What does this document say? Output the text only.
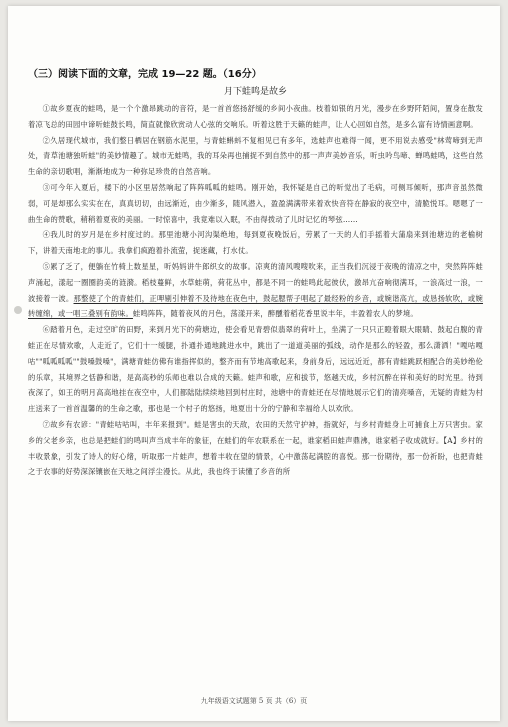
（三）阅读下面的文章，完成 19—22 题。（16分）
月下蛙鸣是故乡

①故乡夏夜的蛙鸣，是一个个激昂跳动的音符，是一首首悠扬舒缓的乡间小夜曲。枝着如银的月光，漫步在乡野阡陌间，置身在散发着凉飞总的田园中谛听蛙鼓长鸣，简直就像欣赏动人心弦的交响乐。听着这胜于天籁的蛙声，让人心回如自然，是多么富有诗情画意啊。

②久居现代城市，我们整日栖居在钢筋水泥里，与青蛙蝌蚪不复相见已有多年，选蛙声也难得一闻，更不用说去感受"林莺啼到无声处，青草池塘独听蛙"的美妙情趣了。城市无蛙鸣，我的耳朵再也捕捉不到自然中的那一声声美妙音乐，听虫吟鸟啼、蝉鸣蛙鸣，这些自然生命的亲切歌唱，渐渐地成为一种弥足珍贵的自然音响。

③可今年入夏后，楼下的小区里居然响起了阵阵呱呱的蛙鸣。刚开始，我怀疑是自己的听觉出了毛病，可侧耳倾听，那声音虽然微弱，可是却那么实实在在，真真切切，由远渐近，由少渐多，随风潜入，盈盈满满带来着欢快音符在静寂的夜空中，清脆悦耳。嗯嗯了一曲生命的赞歌，稍稍着夏夜的美丽。一时惊喜中，我竟难以入眠，不由得拨动了儿时记忆的琴弦……

④我儿时的岁月是在乡村度过的。那里池塘小河沟渠绝地，每到夏夜晚饭后，劳累了一天的人们手摇着大蒲扇来到池塘边的老榆树下，讲着天南地北的事儿。我拿们疯跑着扑流萤，捉迷藏，打水仗。

⑤累了乏了，便躺在竹椅上数星星，听妈妈讲牛郎织女的故事。凉爽的清风嗖嗖吹来，正当我们沉浸于夜晚的清凉之中，突然阵阵蛙声涌起，漾起一圈圈韵美的涟漪。稻枝蔓鲜，水草蛙萌，荷花丛中，都是不同一的蛙鸣此起彼伏，激昂亢奋响彻满耳，一浪高过一浪，一波接着一波。那整使了个的青蛙们，正呷剔引伸着不及待地在夜色中，鼓起腮帮子唱起了最经粉的乡音，或婉谐高亢，或恳扬软吹，或婉转缠绵，或一唱三叠别有韵味。蛙鸣阵阵，随着夜风的月色，荡漾开来，醉醺着稻花香里说丰年，丰盈着农人的梦境。

⑥踏着月色，走过空旷的田野，来到月光下的荷塘边，使会看见青碧似翡翠的荷叶上，坐满了一只只正瞪着眼大眼睛、鼓起白腹的青蛙正在尽情欢歌，人走近了，它们十一缓腿，扑通扑通地跳进水中，跳出了一道道美丽的弧线，动作是那么的轻盈，那么潇洒！"嘎咕嘎咕""呱呱呱呱""鼓嗓鼓嗓"，满塘青蛙仿佛有谁指挥似的，整齐而有节地高歌起来，身前身后，远远近近，都有青蛙跳跃相配合的美妙绝伦的乐章，其境界之恬静和谐，是高高秒的乐师也难以合成的天籁。蛙声和歌，应和拔节，悠越天成，乡村沉醉在祥和美好的时光里。待到夜深了，如王的明月高高地挂在夜空中，人们都陆陆续续地回到村庄时，池塘中的青蛙还在尽情地展示它们的清亮嗓音，无疑的青蛙为村庄送来了一首首温馨的的生命之歌，那也是一个村子的悠扬，地夏出十分的宁静和幸福给人以欢欣。

⑦故乡有农谚："青蛙咕咕叫，丰年来报到"。蛙是害虫的天敌，农田的天然守护神，指就好，与乡村青蛙身上可捕食上万只害虫。家乡的父老乡亲，也总是把蛙们的鸣叫声当成丰年的象征，在蛙们的年农联系在一起，谁家稻田蛙声鼎沸，谁家稻子收成就好。【A】乡村的丰收景象，引发了诗人的好心绪，听取那一片蛙声，想着丰收在望的情景，心中激荡起满腔的喜悦。那一份期待，那一份祈盼，也把青蛙之于农事的好势深深镶嵌在天地之间浮尘漫长。从此，我也终于读懂了乡音的所

九年级语文试题第 5 页 共（6）页
